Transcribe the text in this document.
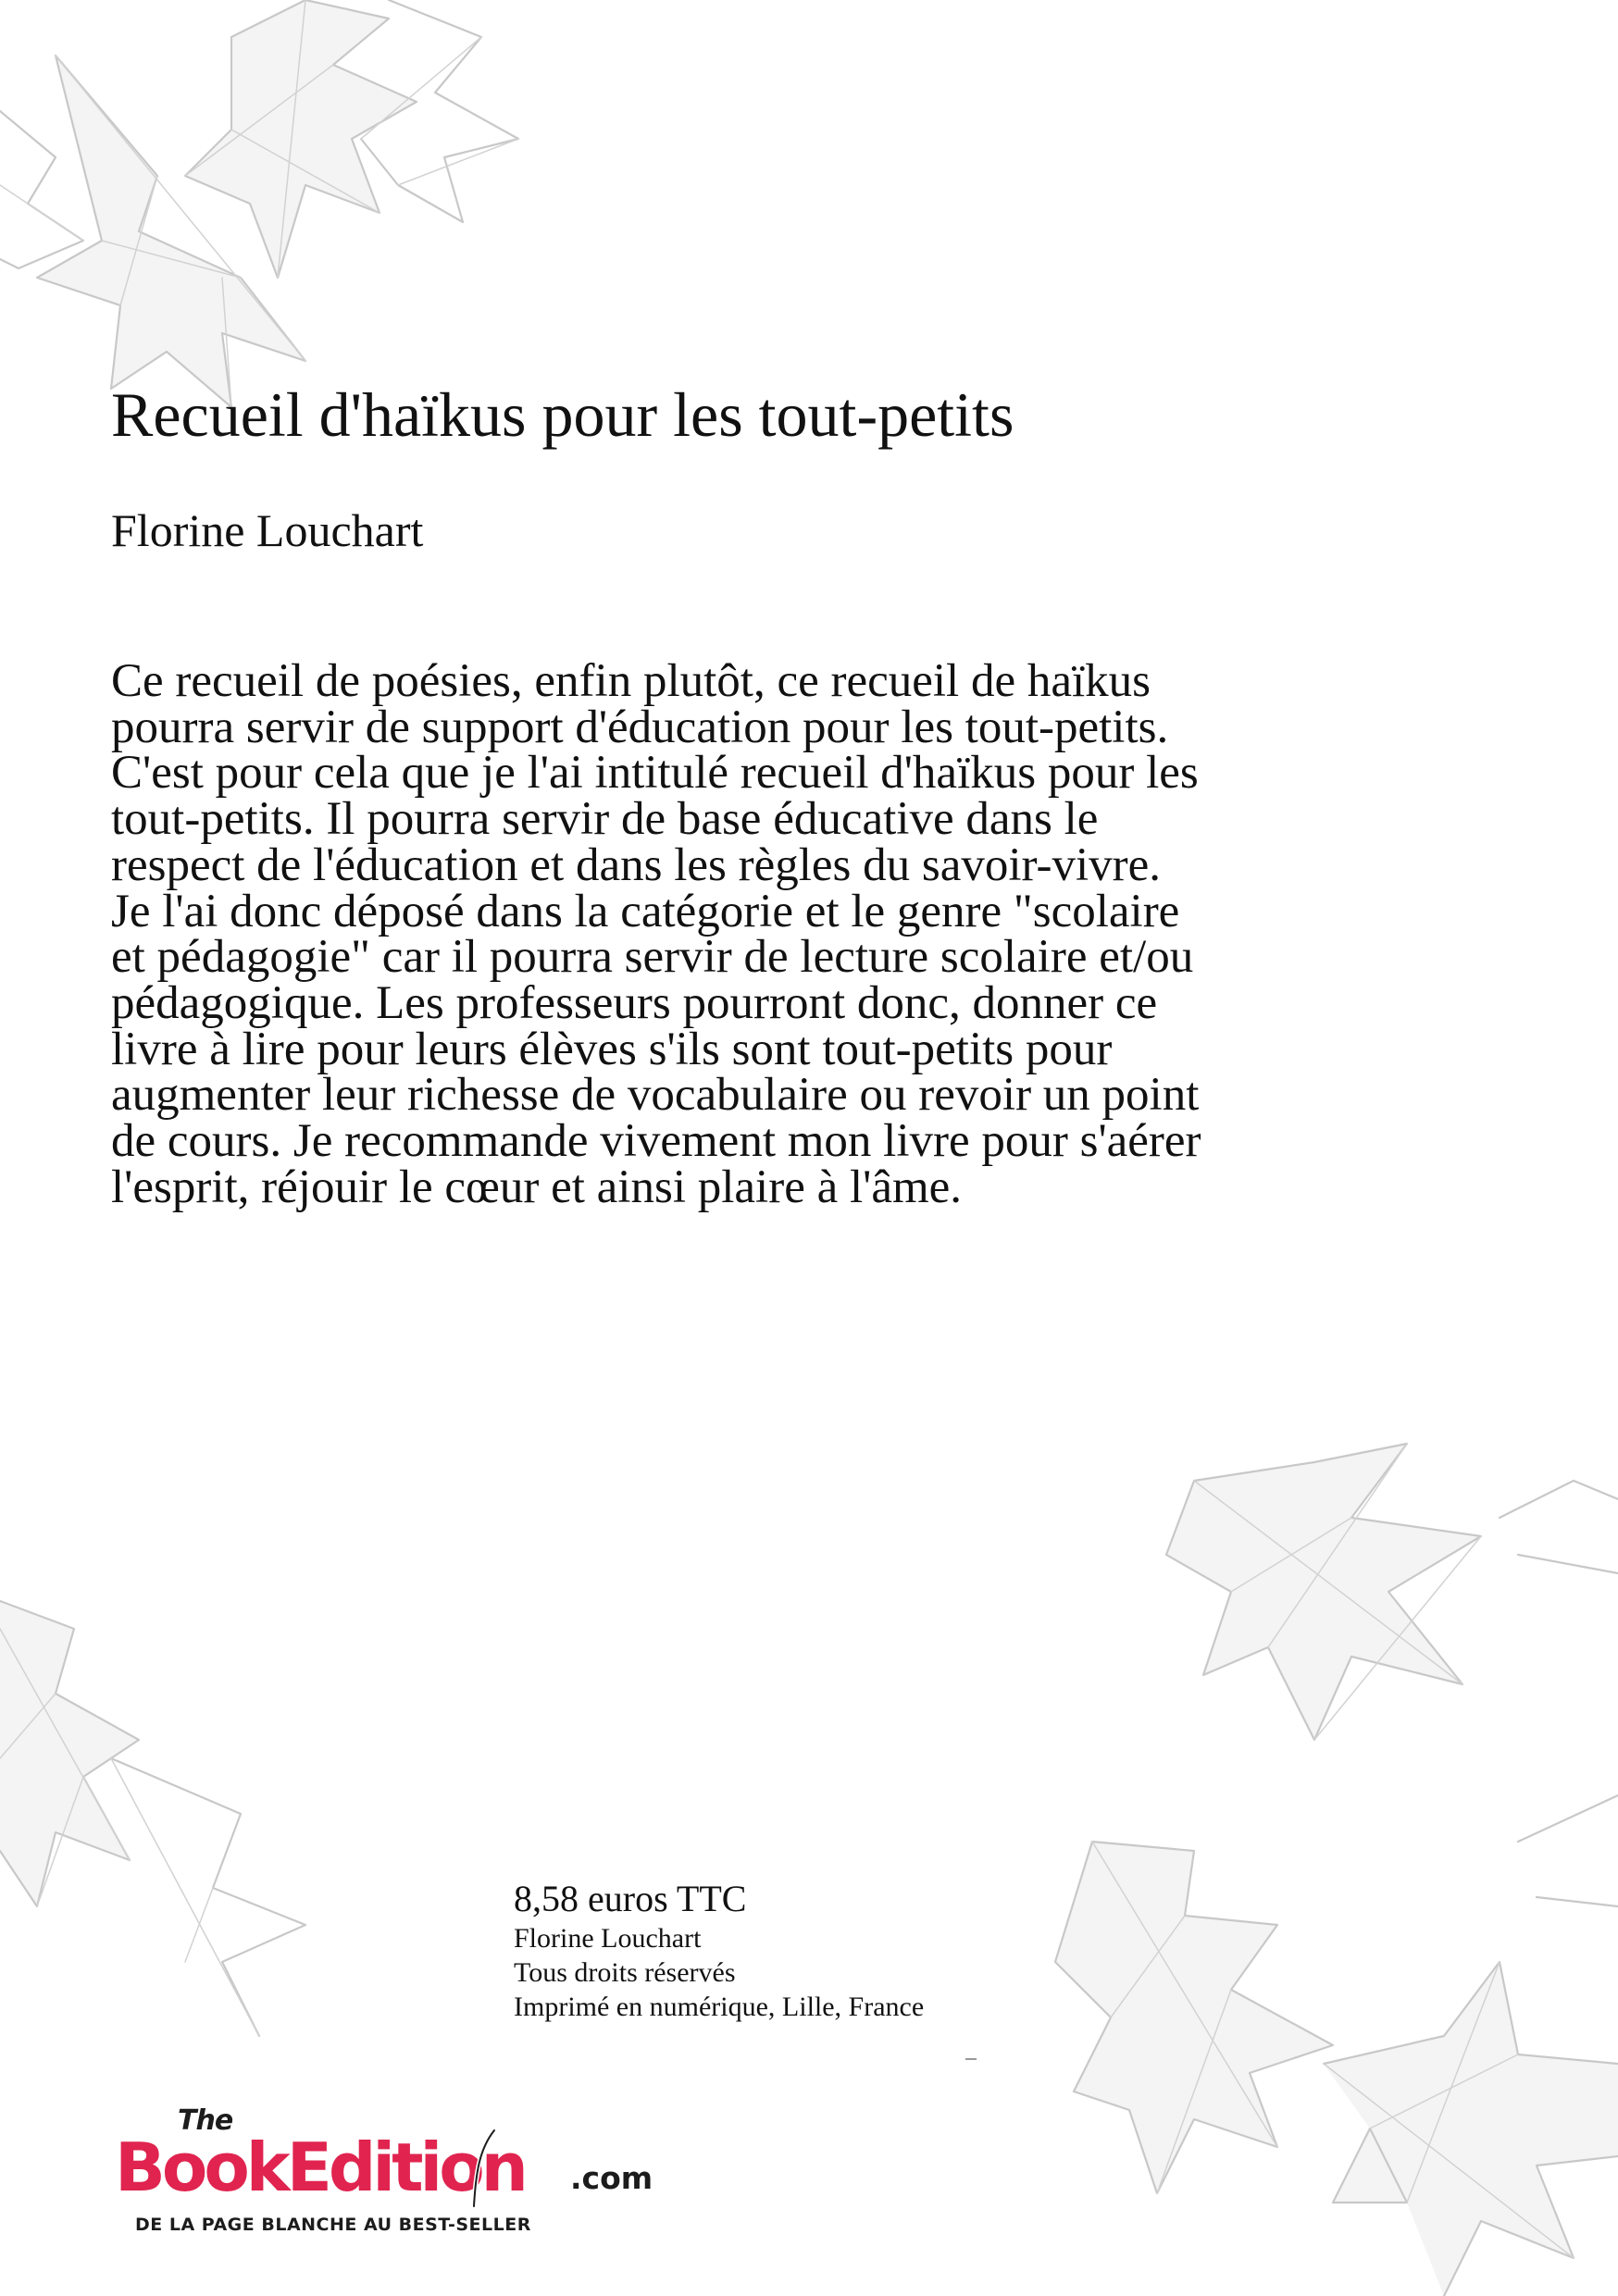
Recueil d'haïkus pour les tout-petits

Florine Louchart

Ce recueil de poésies, enfin plutôt, ce recueil de haïkus pourra servir de support d'éducation pour les tout-petits. C'est pour cela que je l'ai intitulé recueil d'haïkus pour les tout-petits. Il pourra servir de base éducative dans le respect de l'éducation et dans les règles du savoir-vivre. Je l'ai donc déposé dans la catégorie et le genre "scolaire et pédagogie" car il pourra servir de lecture scolaire et/ou pédagogique. Les professeurs pourront donc, donner ce livre à lire pour leurs élèves s'ils sont tout-petits pour augmenter leur richesse de vocabulaire ou revoir un point de cours. Je recommande vivement mon livre pour s'aérer l'esprit, réjouir le cœur et ainsi plaire à l'âme.

8,58 euros TTC
Florine Louchart
Tous droits réservés
Imprimé en numérique, Lille, France
The
BookEdition .com
DE LA PAGE BLANCHE AU BEST-SELLER
